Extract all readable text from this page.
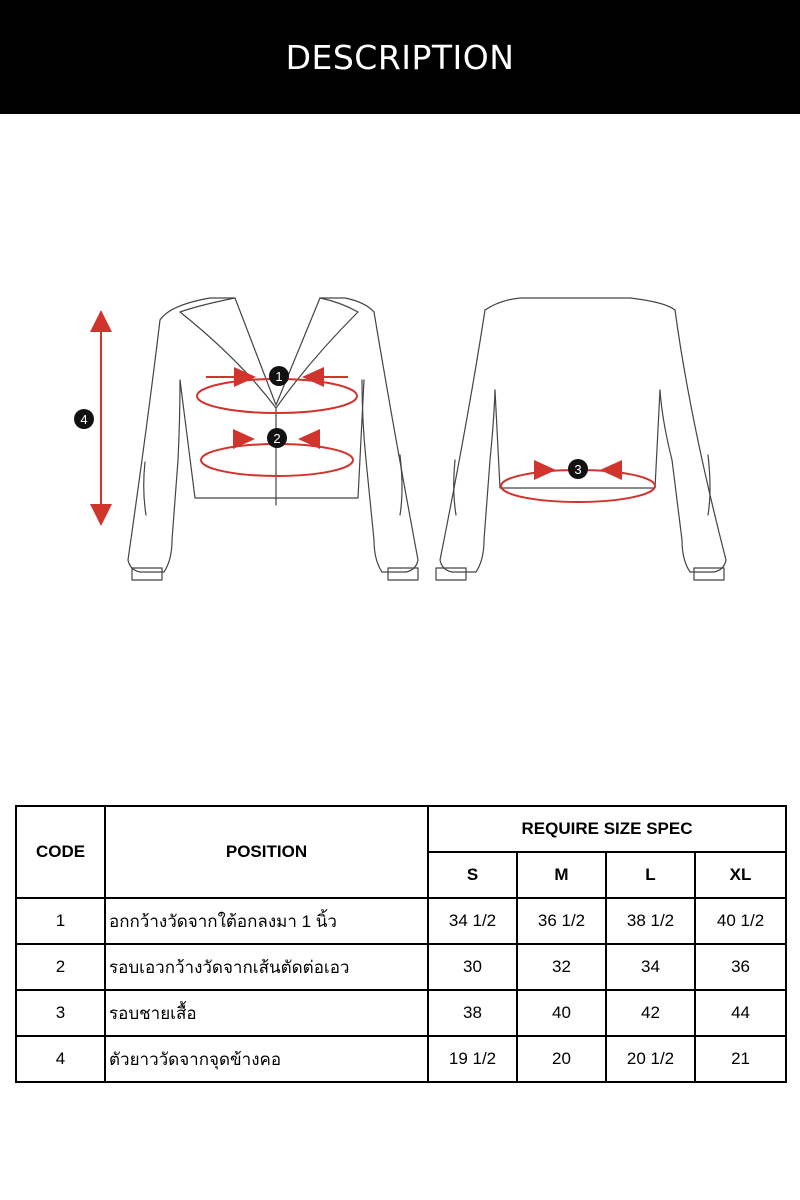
DESCRIPTION
1
2
3
4
CODE	POSITION	REQUIRE SIZE SPEC			
		S	M	L	XL
1	อกกว้างวัดจากใต้อกลงมา 1 นิ้ว	34 1/2	36 1/2	38 1/2	40 1/2
2	รอบเอวกว้างวัดจากเส้นตัดต่อเอว	30	32	34	36
3	รอบชายเสื้อ	38	40	42	44
4	ตัวยาววัดจากจุดข้างคอ	19 1/2	20	20 1/2	21
